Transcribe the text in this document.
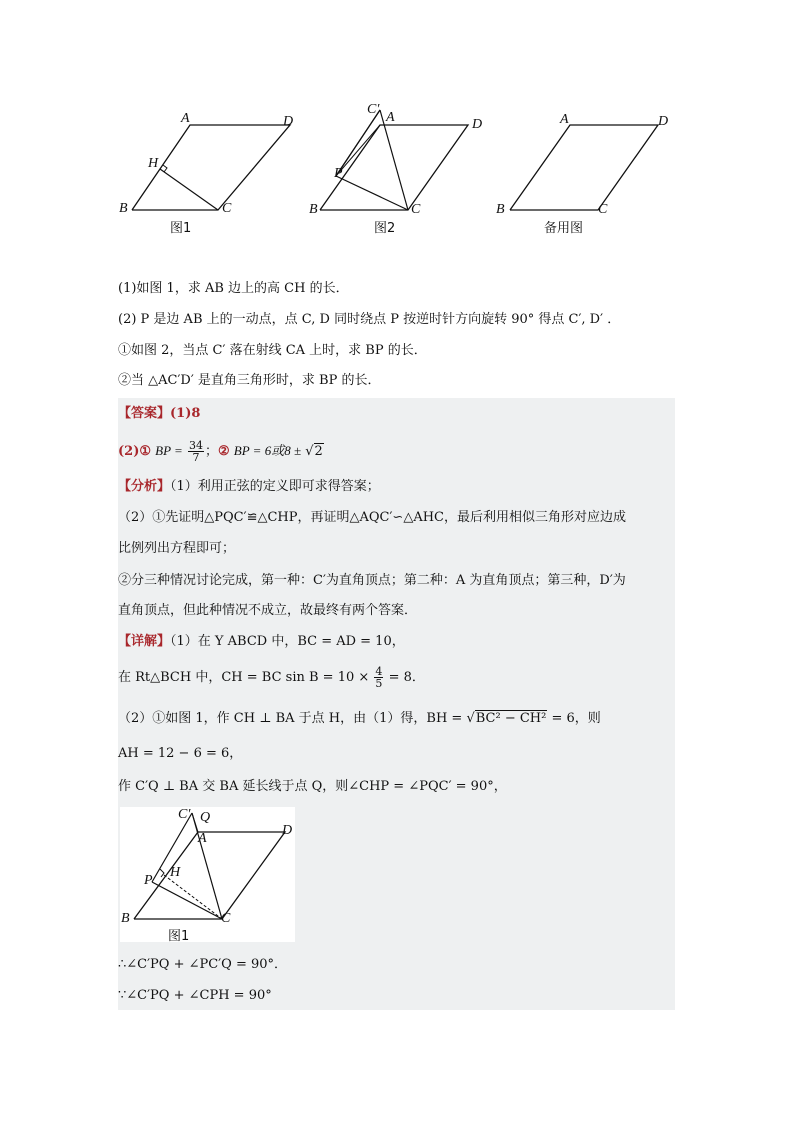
A	D
H
B	C
图1
C′
A	D
P
B	C
图2
A	D
B	C
备用图
(1)如图 1，求 AB 边上的高 CH 的长．
(2) P 是边 AB 上的一动点，点 C, D 同时绕点 P 按逆时针方向旋转 90° 得点 C′, D′ ．
①如图 2，当点 C′ 落在射线 CA 上时，求 BP 的长．
②当 △AC′D′ 是直角三角形时，求 BP 的长．
【答案】(1)8
(2)① BP = $\frac{34}{7}$ ；② BP = 6或8 ± √2
【分析】（1）利用正弦的定义即可求得答案；
（2）①先证明△PQC′≌△CHP，再证明△AQC′∽△AHC，最后利用相似三角形对应边成
比例列出方程即可；
②分三种情况讨论完成，第一种：C′为直角顶点；第二种：A 为直角顶点；第三种，D′为
直角顶点，但此种情况不成立，故最终有两个答案．
【详解】（1）在 Y ABCD 中，BC = AD = 10，
在 Rt△BCH 中，CH = BC $\sin B = 10 \times \frac{4}{5} = 8$．
（2）①如图 1，作 CH ⊥ BA 于点 H，由（1）得，BH = √BC² − CH² = 6，则
AH = 12 − 6 = 6，
作 C′Q ⊥ BA 交 BA 延长线于点 Q，则∠CHP = ∠PQC′ = 90°，
C′ Q
A
D
P
H
B	C
图1
∴∠C′PQ + ∠PC′Q = 90°．
∵∠C′PQ + ∠CPH = 90°
